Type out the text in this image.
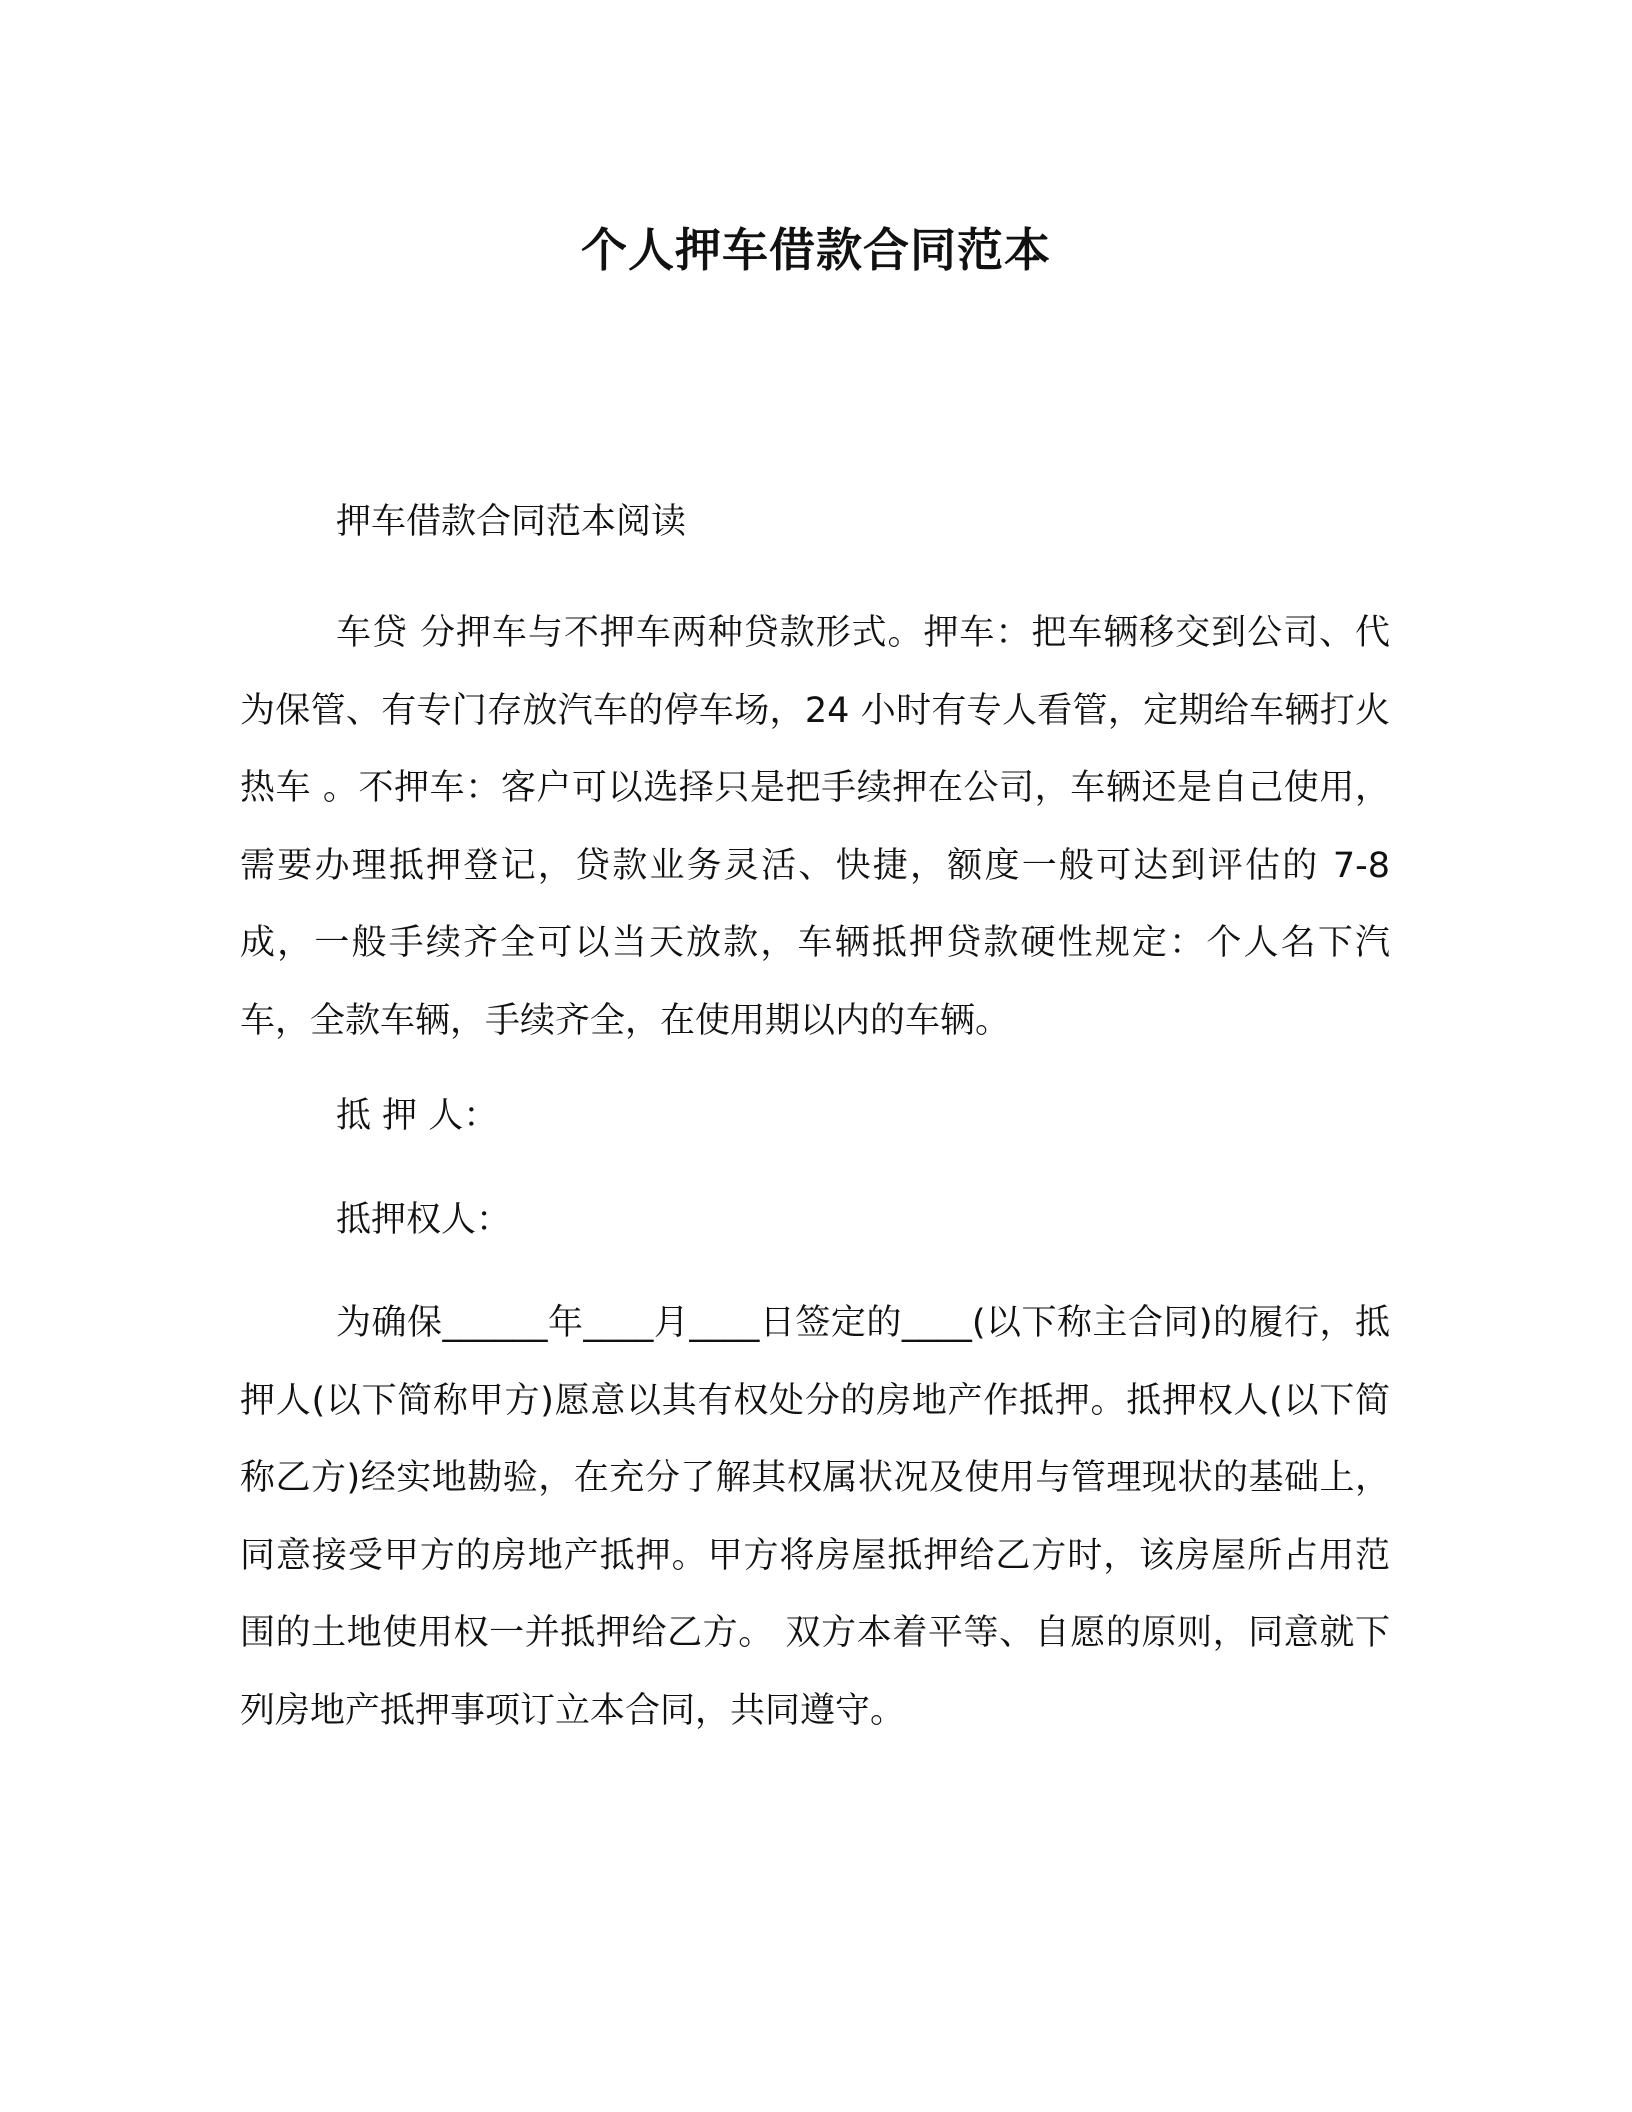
个人押车借款合同范本

押车借款合同范本阅读

车贷 分押车与不押车两种贷款形式。押车：把车辆移交到公司、代为保管、有专门存放汽车的停车场，24 小时有专人看管，定期给车辆打火热车 。不押车：客户可以选择只是把手续押在公司，车辆还是自己使用，需要办理抵押登记，贷款业务灵活、快捷，额度一般可达到评估的 7-8 成，一般手续齐全可以当天放款，车辆抵押贷款硬性规定：个人名下汽车，全款车辆，手续齐全，在使用期以内的车辆。

抵 押 人：

抵押权人：

为确保______年____月____日签定的____(以下称主合同)的履行，抵押人(以下简称甲方)愿意以其有权处分的房地产作抵押。抵押权人(以下简称乙方)经实地勘验，在充分了解其权属状况及使用与管理现状的基础上，同意接受甲方的房地产抵押。甲方将房屋抵押给乙方时，该房屋所占用范围的土地使用权一并抵押给乙方。 双方本着平等、自愿的原则，同意就下列房地产抵押事项订立本合同，共同遵守。
